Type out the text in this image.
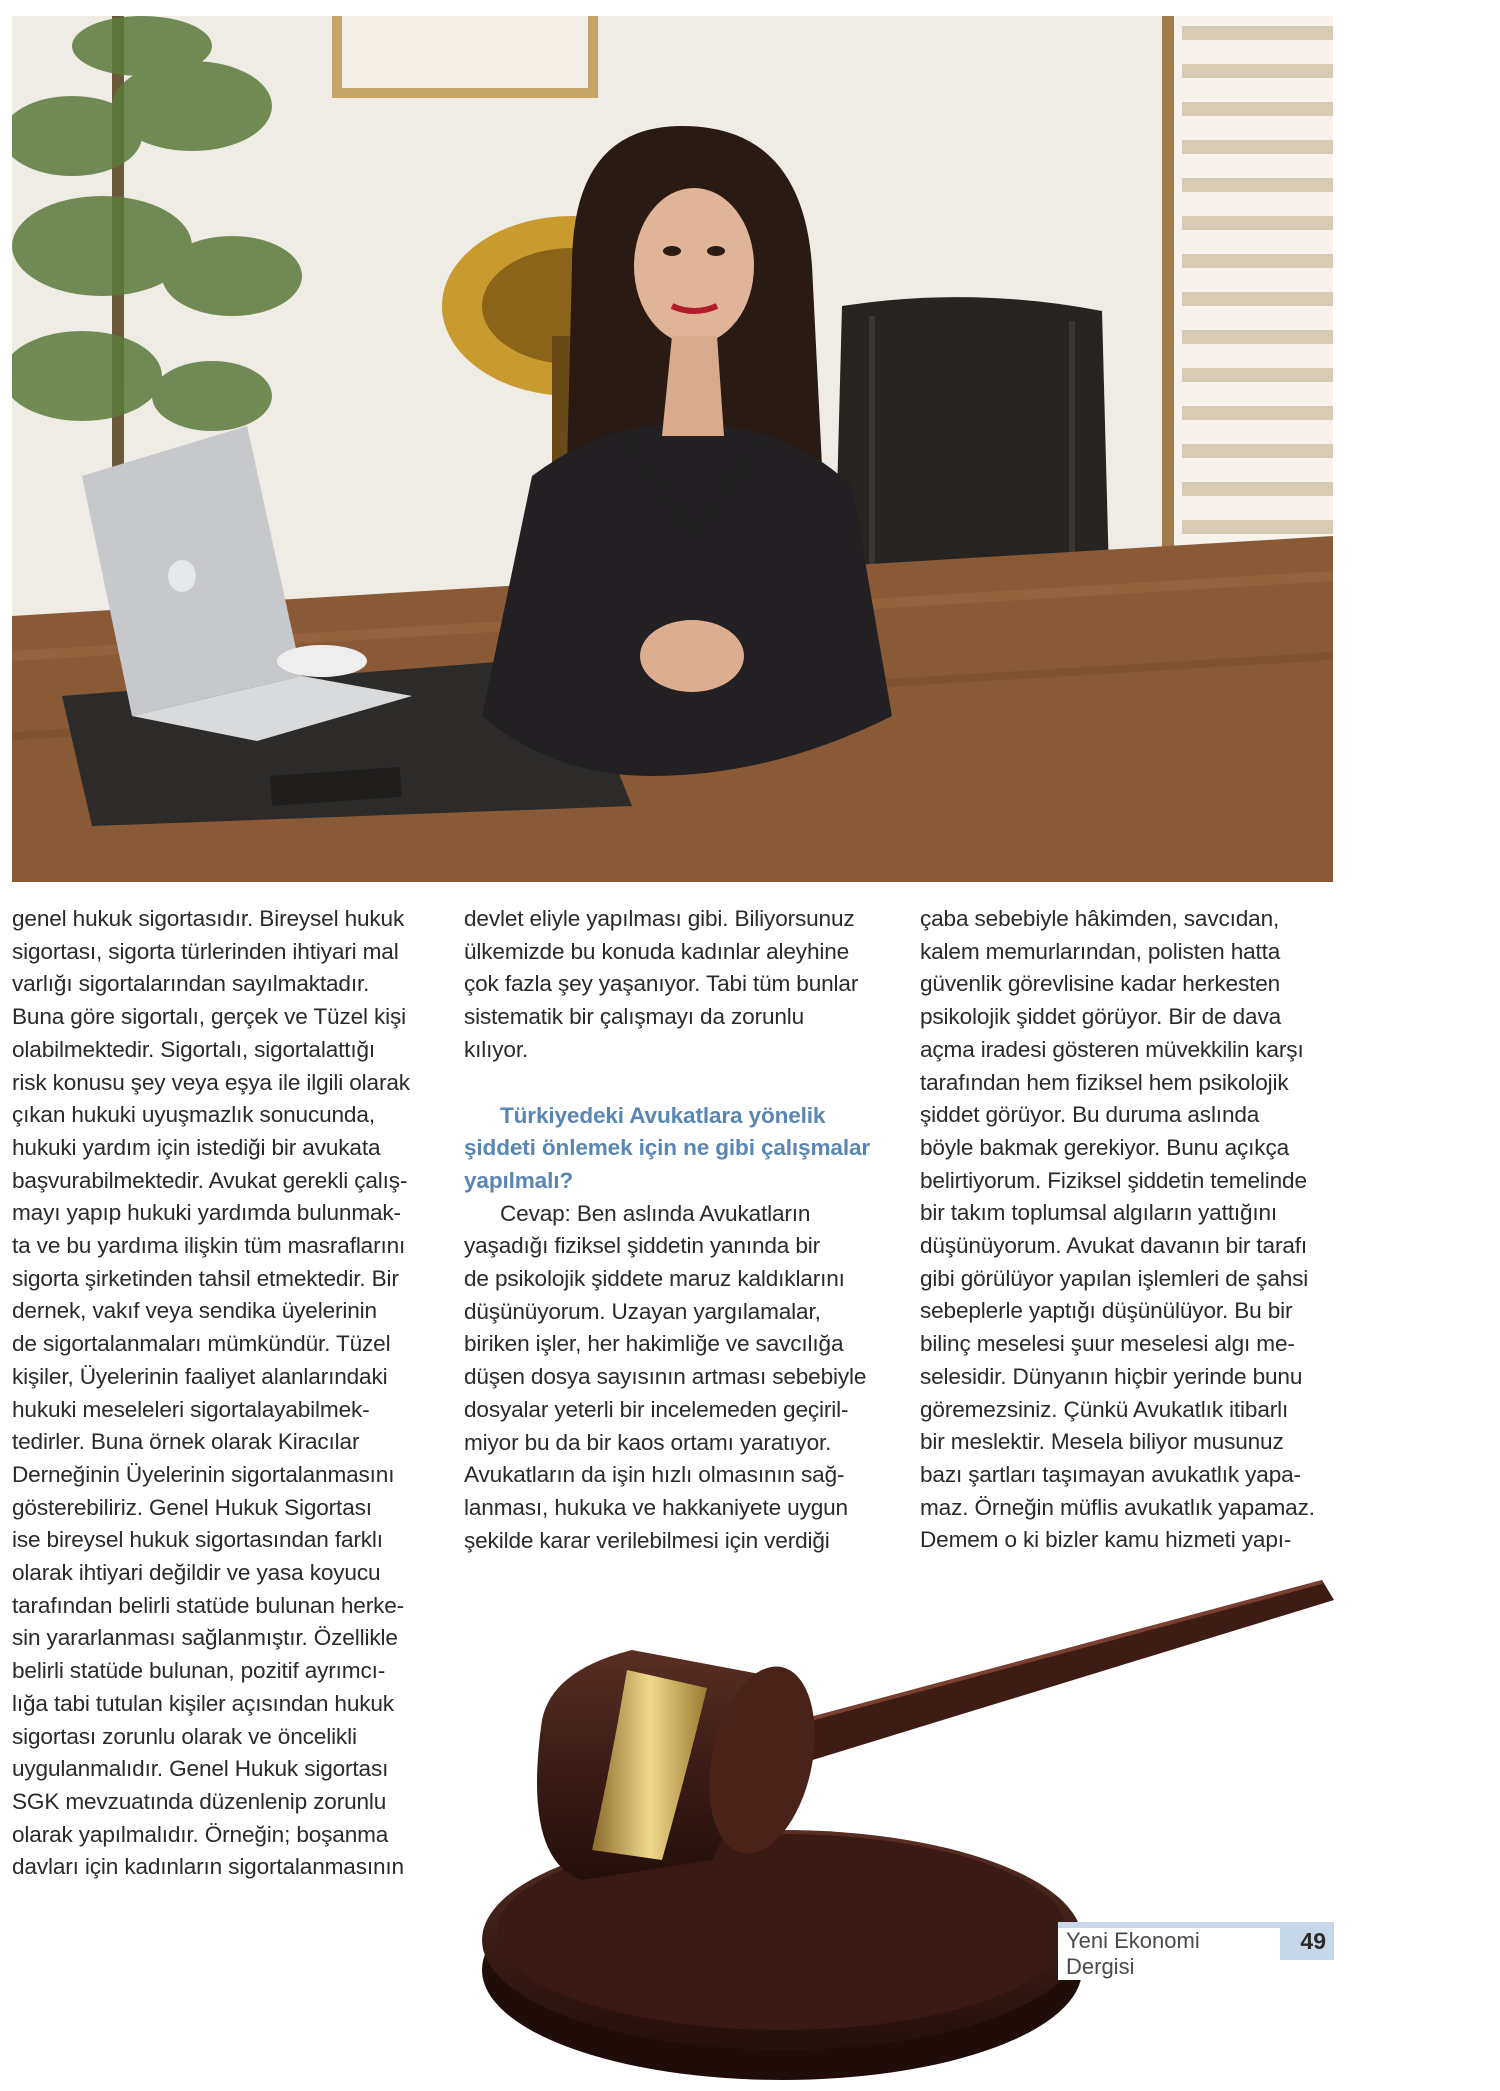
genel hukuk sigortasıdır. Bireysel hukuk

sigortası, sigorta türlerinden ihtiyari mal

varlığı sigortalarından sayılmaktadır.

Buna göre sigortalı, gerçek ve Tüzel kişi

olabilmektedir. Sigortalı, sigortalattığı

risk konusu şey veya eşya ile ilgili olarak

çıkan hukuki uyuşmazlık sonucunda,

hukuki yardım için istediği bir avukata

başvurabilmektedir. Avukat gerekli çalış-

mayı yapıp hukuki yardımda bulunmak-

ta ve bu yardıma ilişkin tüm masraflarını

sigorta şirketinden tahsil etmektedir. Bir

dernek, vakıf veya sendika üyelerinin

de sigortalanmaları mümkündür. Tüzel

kişiler, Üyelerinin faaliyet alanlarındaki

hukuki meseleleri sigortalayabilmek-

tedirler. Buna örnek olarak Kiracılar

Derneğinin Üyelerinin sigortalanmasını

gösterebiliriz. Genel Hukuk Sigortası

ise bireysel hukuk sigortasından farklı

olarak ihtiyari değildir ve yasa koyucu

tarafından belirli statüde bulunan herke-

sin yararlanması sağlanmıştır. Özellikle

belirli statüde bulunan, pozitif ayrımcı-

lığa tabi tutulan kişiler açısından hukuk

sigortası zorunlu olarak ve öncelikli

uygulanmalıdır. Genel Hukuk sigortası

SGK mevzuatında düzenlenip zorunlu

olarak yapılmalıdır. Örneğin; boşanma

davları için kadınların sigortalanmasının

devlet eliyle yapılması gibi. Biliyorsunuz

ülkemizde bu konuda kadınlar aleyhine

çok fazla şey yaşanıyor. Tabi tüm bunlar

sistematik bir çalışmayı da zorunlu

kılıyor.

Türkiyedeki Avukatlara yönelik

şiddeti önlemek için ne gibi çalışmalar

yapılmalı?

Cevap: Ben aslında Avukatların

yaşadığı fiziksel şiddetin yanında bir

de psikolojik şiddete maruz kaldıklarını

düşünüyorum. Uzayan yargılamalar,

biriken işler, her hakimliğe ve savcılığa

düşen dosya sayısının artması sebebiyle

dosyalar yeterli bir incelemeden geçiril-

miyor bu da bir kaos ortamı yaratıyor.

Avukatların da işin hızlı olmasının sağ-

lanması, hukuka ve hakkaniyete uygun

şekilde karar verilebilmesi için verdiği

çaba sebebiyle hâkimden, savcıdan,

kalem memurlarından, polisten hatta

güvenlik görevlisine kadar herkesten

psikolojik şiddet görüyor. Bir de dava

açma iradesi gösteren müvekkilin karşı

tarafından hem fiziksel hem psikolojik

şiddet görüyor. Bu duruma aslında

böyle bakmak gerekiyor. Bunu açıkça

belirtiyorum. Fiziksel şiddetin temelinde

bir takım toplumsal algıların yattığını

düşünüyorum. Avukat davanın bir tarafı

gibi görülüyor yapılan işlemleri de şahsi

sebeplerle yaptığı düşünülüyor. Bu bir

bilinç meselesi şuur meselesi algı me-

selesidir. Dünyanın hiçbir yerinde bunu

göremezsiniz. Çünkü Avukatlık itibarlı

bir meslektir. Mesela biliyor musunuz

bazı şartları taşımayan avukatlık yapa-

maz. Örneğin müflis avukatlık yapamaz.

Demem o ki bizler kamu hizmeti yapı-

Yeni Ekonomi Dergisi
49
